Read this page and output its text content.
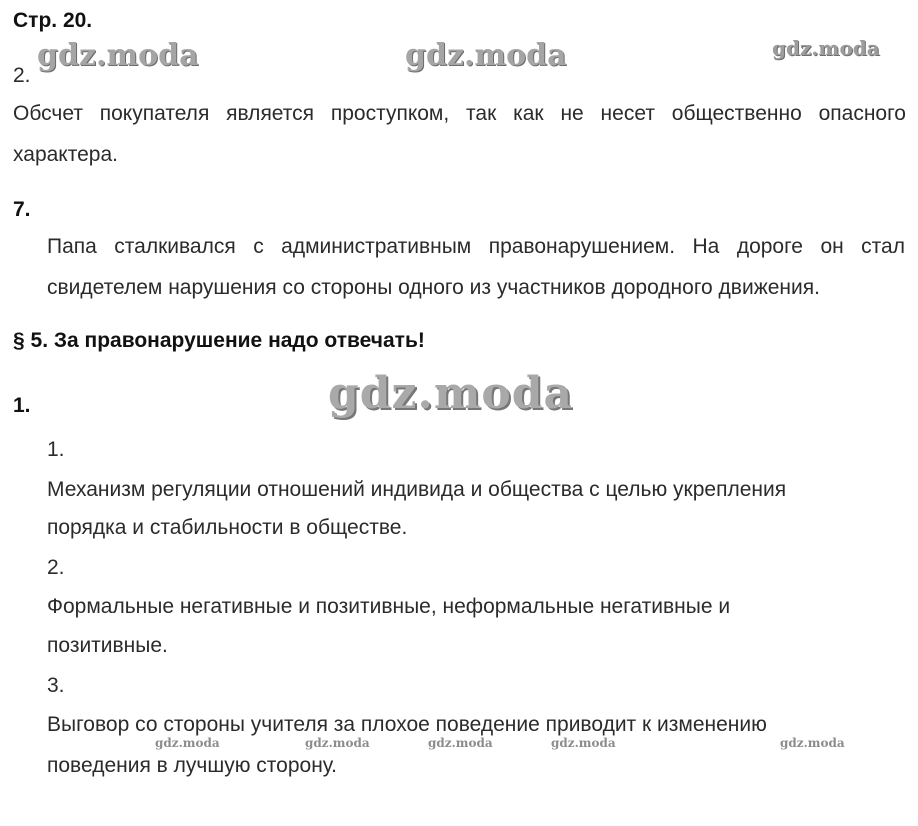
Стр. 20.
gdz.moda	gdz.moda	gdz.moda
gdz.moda
gdz.moda	gdz.moda	gdz.moda	gdz.moda	gdz.moda
2.
Обсчет покупателя является проступком, так как не несет общественно опасного
характера.
7.
Папа сталкивался с административным правонарушением. На дороге он стал
свидетелем нарушения со стороны одного из участников дородного движения.
§ 5. За правонарушение надо отвечать!
1.
1.
Механизм регуляции отношений индивида и общества с целью укрепления
порядка и стабильности в обществе.
2.
Формальные негативные и позитивные, неформальные негативные и
позитивные.
3.
Выговор со стороны учителя за плохое поведение приводит к изменению
поведения в лучшую сторону.
